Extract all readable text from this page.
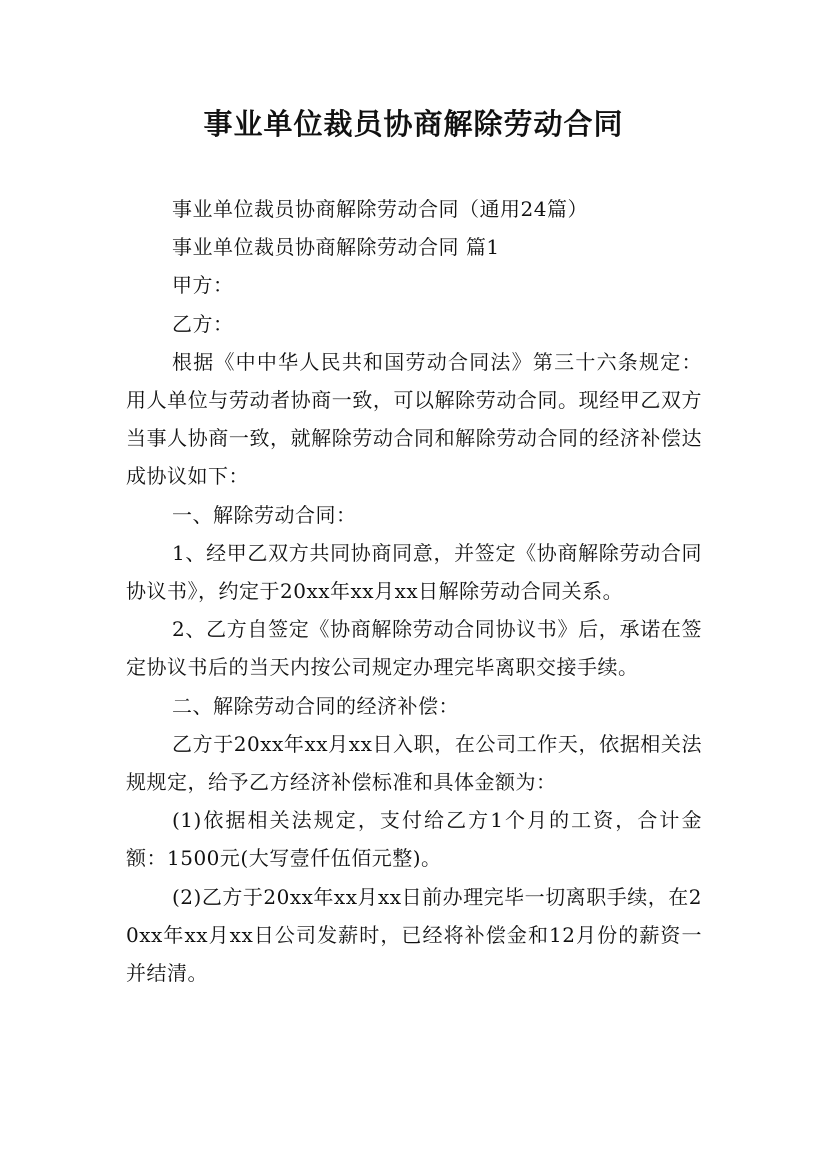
事业单位裁员协商解除劳动合同

事业单位裁员协商解除劳动合同（通用24篇）

事业单位裁员协商解除劳动合同 篇1

甲方：

乙方：

根据《中中华人民共和国劳动合同法》第三十六条规定：用人单位与劳动者协商一致，可以解除劳动合同。现经甲乙双方当事人协商一致，就解除劳动合同和解除劳动合同的经济补偿达成协议如下：

一、解除劳动合同：

1、经甲乙双方共同协商同意，并签定《协商解除劳动合同协议书》，约定于20xx年xx月xx日解除劳动合同关系。

2、乙方自签定《协商解除劳动合同协议书》后，承诺在签定协议书后的当天内按公司规定办理完毕离职交接手续。

二、解除劳动合同的经济补偿：

乙方于20xx年xx月xx日入职，在公司工作天，依据相关法规规定，给予乙方经济补偿标准和具体金额为：

(1)依据相关法规定，支付给乙方1个月的工资，合计金额：1500元(大写壹仟伍佰元整)。

(2)乙方于20xx年xx月xx日前办理完毕一切离职手续，在20xx年xx月xx日公司发薪时，已经将补偿金和12月份的薪资一并结清。
